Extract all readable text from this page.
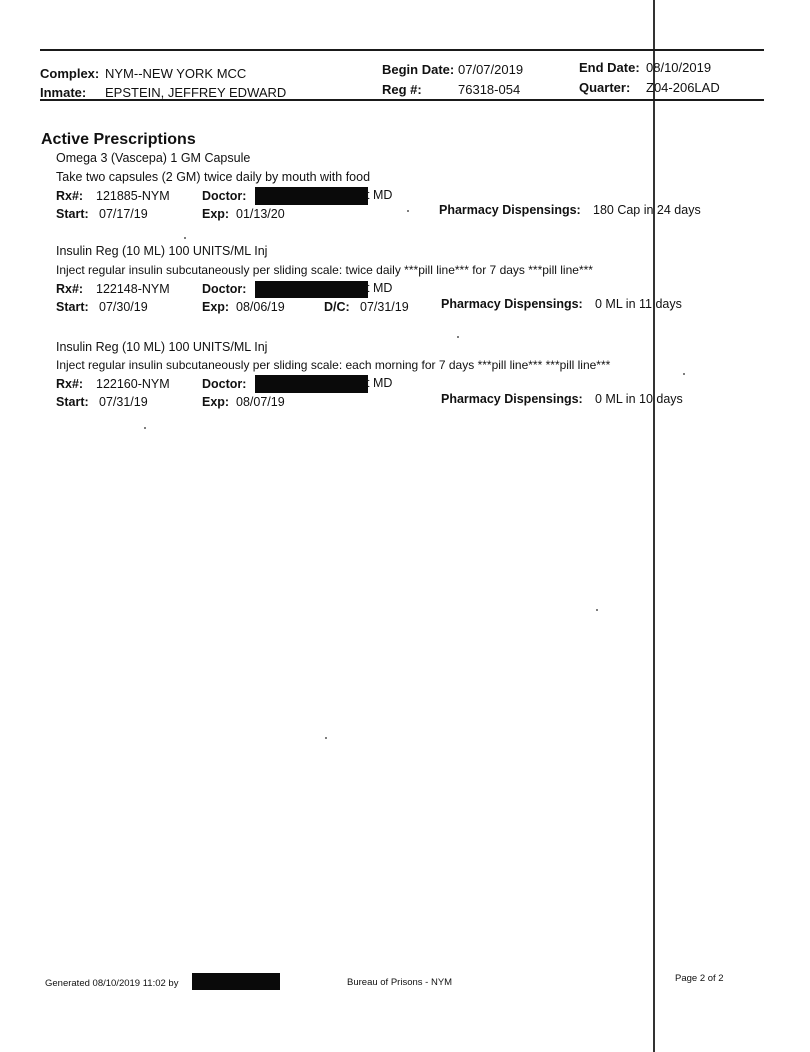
Complex: NYM--NEW YORK MCC
Inmate: EPSTEIN, JEFFREY EDWARD
Begin Date: 07/07/2019
Reg #:	76318-054
End Date: 08/10/2019
Quarter: Z04-206LAD
Active Prescriptions
Omega 3 (Vascepa) 1 GM Capsule
Take two capsules (2 GM) twice daily by mouth with food
Rx#: 121885-NYM	Doctor:	t MD
Start: 07/17/19	Exp: 01/13/20	Pharmacy Dispensings: 180 Cap in 24 days
Insulin Reg (10 ML) 100 UNITS/ML Inj
Inject regular insulin subcutaneously per sliding scale: twice daily ***pill line*** for 7 days ***pill line***
Rx#: 122148-NYM	Doctor:	t MD
Start: 07/30/19	Exp: 08/06/19	D/C: 07/31/19	Pharmacy Dispensings: 0 ML in 11 days
Insulin Reg (10 ML) 100 UNITS/ML Inj
Inject regular insulin subcutaneously per sliding scale: each morning for 7 days ***pill line*** ***pill line***
Rx#: 122160-NYM	Doctor:	t MD
Start: 07/31/19	Exp: 08/07/19	Pharmacy Dispensings: 0 ML in 10 days
Generated 08/10/2019 11:02 by	Bureau of Prisons - NYM	Page 2 of 2
